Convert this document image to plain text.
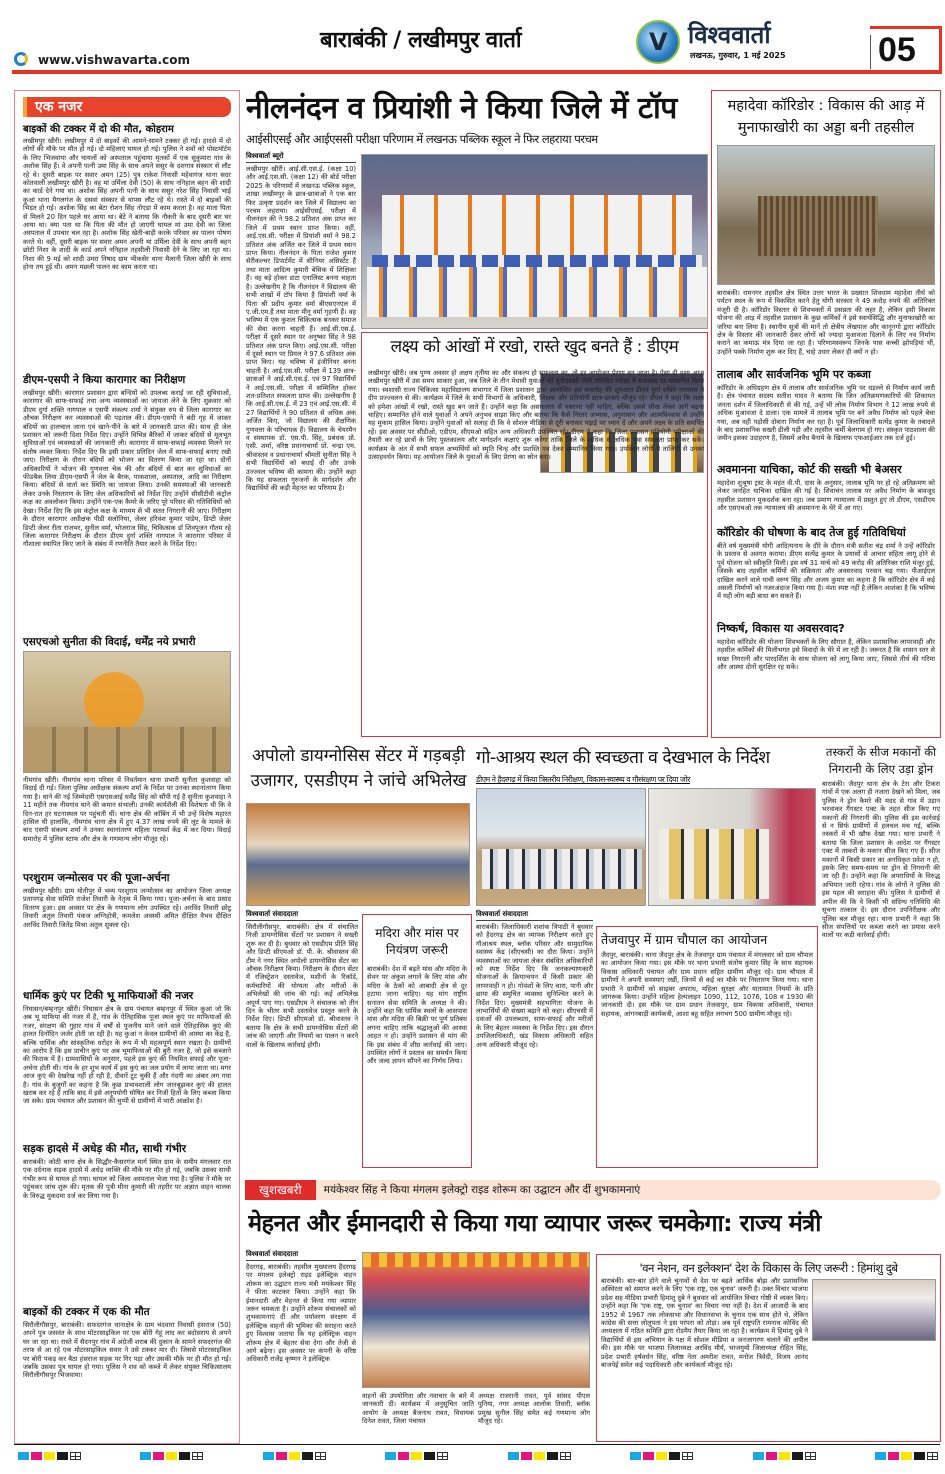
बाराबंकी / लखीमपुर वार्ता
www.vishwavarta.com
V विश्ववार्ता
लखनऊ, गुरुवार, 1 मई 2025	05
एक नजर
बाइकों की टक्कर में दो की मौत, कोहराम
लखीमपुर खीरी। लखीमपुर में दो बाइकों की आमने-सामने टक्कर हो गई। हादसे में दो लोगों की मौके पर मौत हो गई। दो महिलाएं घायल हो गई। पुलिस ने शवों को पोस्टमॉर्टम के लिए भिजवाया और घायलों को अस्पताल पहुंचाया मृतकों में एक सुकुमारा गांव के अशोक सिंह हैं। वे अपनी पत्नी उमा सिंह के साथ अपने ससुर के दशगात्र संस्कार से लौट रहे थे। दूसरी बाइक पर सवार अमन (25) पुत्र राकेश निवासी महेवागंज थाना सदर कोतवाली लखीमपुर खीरी है। वह मां उर्मिला देवी (50) के साथ ननिहाल बहन की शादी का कार्ड देने गया था। अशोक सिंह अपनी पत्नी के साथ ससुर नरेश सिंह निवासी भाई कुआं थाना मैगलगंज के दसवां संस्कार से वापस लौट रहे थे। रास्ते में दो बाइकों की भिड़ंत हो गई। अशोक सिंह का बेटा रोशन सिंह नोएडा में काम करता है। वह माता पिता से मिलने 20 दिन पहले घर आया था। बेटे ने बताया कि नौकरी के बाद दूसरी बार घर आया था। क्या पता था कि पिता की मौत हो जाएगी घायल मां उमा देवी का जिला अस्पताल में उपचार चल रहा है। अशोक सिंह खेती-बाड़ी करके परिवार का पालन पोषण करते थे। वहीं, दूसरी बाइक पर सवार अमन अपनी मां उर्मिला देवी के साथ अपनी बहन छोटी निशा के शादी के कार्ड अपने ननिहाल तहसीली निवासी देने के लिए जा रहा था। निशा की 9 मई को शादी उमरा निषाद ग्राम भीकसेर थाना मैलानी जिला खीरी के साथ होना तय हुई थी। अमन मछली पालन का काम करता था।
डीएम-एसपी ने किया कारागार का निरीक्षण
लखीमपुर खीरी। कारागार प्रशासन द्वारा बन्दियों को उपलब्ध कराई जा रही सुविधाओं, कारागार की साफ-सफाई तथा अन्य व्यवस्थाओं का जायजा लेने के लिए शुक्रवार को डीएम दुर्गा शक्ति नागपाल व एसपी संकल्प शर्मा ने संयुक्त रुप से जिला कारागार का औचक निरीक्षण कर व्यवस्थाओं की पड़ताल की। डीएम-एसपी ने बंदी गृह में जाकर बंदियों का हालचाल जाना एवं खाने-पीने के बारे में जानकारी प्राप्त की। साथ ही जेल प्रशासन को जरूरी दिशा निर्देश दिए। उन्होंने विभिन्न बैरिकों में जाकर बंदियों से मूलभूत सुविधाओं एवं व्यवस्थाओं की जानकारी ली। कारागार में साफ-सफाई व्यवस्था मिलने पर संतोष व्यक्त किया। निर्देश दिए कि इसी प्रकार प्रतिदिन जेल में साफ-सफाई बनाए रखी जाए। निरीक्षण के दौरान बंदियों को भोजन का वितरण किया जा रहा था। दोनों अधिकारियों ने भोजन की गुणवत्ता चेक की और बंदियों से बात कर सुविधाओं का फीडबैक लिया डीएम-एसपी ने जेल के बैरक, पाकशाला, अस्पताल, आदि का निरीक्षण किया। बंदियों से वार्ता कर स्थिति का जायजा लिया। उनकी समस्याओं की जानकारी लेकर उनके निस्तारण के लिए जेल अधिकारियों को निर्देश दिए उन्होंने सीसीटीवी कंट्रोल कक्ष का अवलोकन किया। उन्होंने एक-एक कैमरे के जरिए पूरे परिसर की गतिविधियों को देखा। निर्देश दिए कि इस कंट्रोल कक्ष के माध्यम से भी सतत निगरानी की जाए। निरीक्षण के दौरान कारागार अधीक्षक पीडी सलोनिया, जेलर हरिवंश कुमार पांडेय, डिप्टी जेलर डिप्टी जेलर रीता राजभर, सुनील वर्मा, भोजराज सिंह, चिकित्सक डॉ शिवपूजन गौतम रहे जिला कारागार निरीक्षण के दौरान डीएम दुर्गा शक्ति नागपाल ने कारागार परिसर में गौशाला स्थापित किए जाने के संबंध में रणनीति तैयार करने के निर्देश दिए।
एसएचओ सुनीता की विदाई, धर्मेंद्र नये प्रभारी
नीमगांव खीरी। नीमगांव थाना परिसर में निवर्तमान थाना प्रभारी सुनीता कुशवाहा को विदाई दी गई। जिला पुलिस अधीक्षक संकल्प शर्मा के निर्देश पर उनका स्थानांतरण किया गया है। थाने की नई जिम्मेदारी एसएसआई धर्मेंद्र सिंह को सौंपी गई है सुनीता कुशवाहा ने 11 महीने तक नीमगांव थाने की कमान संभाली। उनकी कार्यशैली की विशेषता थी कि वे दिन-रात हर घटनास्थल पर पहुंचती थीं। थाना क्षेत्र की कॉबिंग में भी उन्हें विशेष महारत हासिल थी हालांकि, नीमगांव थाना क्षेत्र में हुए 4.37 लाख रुपये की लूट के मामले के बाद एसपी संकल्प शर्मा ने उनका स्थानांतरण महिला परामर्श केंद्र में कर दिया। विदाई समारोह में पुलिस स्टाफ और क्षेत्र के गणमान्य लोग मौजूद रहे।
परशुराम जन्मोत्सव पर की पूजा-अर्चना
लखीमपुर खीरी। ग्राम मोतीपुर में भव्य परशुराम जन्मोत्सव का आयोजन जिला अध्यक्ष प्रतापगढ़ सेवा समिति राजेश तिवारी के नेतृत्व में किया गया। पूजा-अर्चना के बाद प्रसाद वितरण हुआ। इस अवसर पर क्षेत्र के गणमान्य लोग उपस्थित रहे। अरविंद तिवारी छोटू तिवारी अतुल तिवारी पंकज अग्निहोत्री, कमलेश अवस्थी अमित दीक्षित वैभव दीक्षित अरविंद तिवारी जितेंद्र मिश्रा अतुल शुक्ला रहे।
धार्मिक कुएं पर टिकी भू माफियाओं की नजर
निघासन/बम्हनपुर खीरी। निघासन क्षेत्र के ग्राम पंचायत बम्हनपुर में स्थित कुआं जो कि अब भू माफिया की नजर में है, गांव के ऐतिहासिक पूजा स्थल कुएं पर माफियाओं की नजर, संरक्षण की गुहार गांव में वर्षों से पूजनीय माने जाने वाले ऐतिहासिक कुएं की हालत दिनोंदिन जर्जर होती जा रही है। यह कुआं न केवल ग्रामीणों की आस्था का केंद्र है, बल्कि धार्मिक और सांस्कृतिक धरोहर के रूप में भी महत्वपूर्ण स्थान रखता है। ग्रामीणों का आरोप है कि इस प्राचीन कुएं पर अब भूमाफियाओं की बुरी नजर है, जो इसे कब्जाने की फिराक में है। ग्रामवासियों के अनुसार, पहले इस कुएं की नियमित सफाई और पूजा-अर्चना होती थी। गांव के हर शुभ कार्य में इस कुएं का जल प्रयोग में लाया जाता था। मगर आज कुएं की देखरेख नहीं हो रही है, दीवारें टूट चुकी हैं और गंदगी का अंबार लग गया है। गांव के बुजुर्गों का कहना है कि कुछ प्रभावशाली लोग जानबूझकर कुएं की हालत खराब कर रहे हैं ताकि बाद में इसे अनुपयोगी घोषित कर निजी हितों के लिए कब्जा किया जा सके। ग्राम पंचायत और प्रशासन की चुप्पी से ग्रामीणों में भारी आक्रोश है।
सड़क हादसे में अधेड़ की मौत, साथी गंभीर
बाराबंकी। कोठी थाना क्षेत्र के सिद्धौर-कैसरगंज मार्ग स्थित ग्राम के समीप मंगलवार रात एक दर्दनाक सड़क हादसे में अधेड़ व्यक्ति की मौके पर मौत हो गई, जबकि उसका साथी गंभीर रूप से घायल हो गया। घायल को जिला अस्पताल भेजा गया है। पुलिस ने मौके पर पहुंचकर जांच शुरू की। मृतक की पुत्री मीना कुमारी की तहरीर पर अज्ञात वाहन चालक के विरुद्ध मुकदमा दर्ज कर लिया गया है।
बाइकों की टक्कर में एक की मौत
सिरौलीगौसपुर, बाराबंकी। सफदरगंज थानाक्षेत्र के ग्राम चंदवारा निवासी हंसराज (50) अपने पुत्र जसवंत के साथ मोटरसाइकिल पर एक बोरी गेहूं लाद कर बदोसराय से अपने घर जा रहा था। रास्ते में सैदनपुर गांव में अंग्रेजी शराब की दुकान के सामने सफदरगंज की तरफ से आ रहे एक मोटरसाइकिल सवार ने उसे टक्कर मार दी। जिससे मोटरसाइकिल पर बोरी पकड़ कर बैठा हंसराज सड़क पर गिर पड़ा और उसकी मौके पर ही मौत हो गई। जबकि उसका पुत्र घायल हो गया। पुलिस ने शव को कब्जे में लेकर संयुक्त चिकित्सालय सिरौलीगौसपुर भिजवाया।
नीलनंदन व प्रियांशी ने किया जिले में टॉप
आईसीएसई और आईएससी परीक्षा परिणाम में लखनऊ पब्लिक स्कूल ने फिर लहराया परचम
विश्ववार्ता ब्यूरो
लखीमपुर खीरी। आई.सी.एस.ई. (कक्षा 10) और आई.एस.सी. (कक्षा 12) की बोर्ड परीक्षा 2025 के परिणामों में लखनऊ पब्लिक स्कूल, शाखा लखीमपुर के छात्र-छात्राओं ने एक बार फिर उत्कृष्ट प्रदर्शन कर जिले में विद्यालय का परचम लहराया। आईसीएसई. परीक्षा में नीलनंदन की ने 98.2 प्रतिशत अंक प्राप्त कर जिले में प्रथम स्थान प्राप्त किया। वहीं, आई.एस.सी. परीक्षा में प्रियांशी वर्मा ने 98.2 प्रतिशत अंक अर्जित कर जिले में प्रथम स्थान प्राप्त किया। नीलनंदन के पिता राजेश कुमार सेरीकल्चर डिपार्टमेंट में सीनियर असिस्टेंट हैं तथा माता आदित्य कुमारी बेसिक में शिक्षिका हैं। वह बड़े होकर डाटा एनालिस्ट बनना चाहता है। उल्लेखनीय है कि नीलनंदन ने विद्यालय की सभी शाखों में टॉप किया है प्रियांशी वर्मा के पिता श्री प्रदीप कुमार वर्मा बीएसएनएल में ए.जी.एम.हैं तथा माता मीनू वर्मा गृहणी हैं। वह भविष्य में एक कुशल चिकित्सक बनकर समाज की सेवा करना चाहती हैं। आई.सी.एस.ई. परीक्षा में दूसरे स्थान पर अनुष्का सिंह ने 98 प्रतिशत अंक प्राप्त किए। आई.एस.सी. परीक्षा में दूसरे स्थान पर प्रियल ने 97.6 प्रतिशत अंक प्राप्त किए। यह भविष्य में इंजीनियर बनना चाहती है। आई.एस.सी. परीक्षा में 139 छात्र-छात्राओं ने आई.सी.एस.ई. एवं 97 विद्यार्थियों ने आई.एस.सी. परीक्षा में सम्मिलित होकर शत-प्रतिशत सफलता प्राप्त की। उल्लेखनीय है कि आई.सी.एस.ई. में 23 एवं आई.एस.सी. में 27 विद्यार्थियों ने 90 प्रतिशत से अधिक अंक अर्जित किए, जो विद्यालय की शैक्षणिक गुणवत्ता के परिचायक हैं। विद्यालय के चेयरमैन व संस्थापक डॉ. एस.पी. सिंह, प्रबंधक प्रो. एसी. शर्मा, वरिष्ठ प्रधानाचार्या प्रो. चन्द्रा एम. श्रीवास्तव व प्रधानाचार्या श्रीमती सुनीता सिंह ने सभी विद्यार्थियों को बधाई दी और उनके उज्ज्वल भविष्य की कामना की। उन्होंने कहा कि यह सफलता गुरुजनों के मार्गदर्शन और विद्यार्थियों की कड़ी मेहनत का परिणाम है।
लक्ष्य को आंखों में रखो, रास्ते खुद बनते हैं : डीएम
लखीमपुर खीरी। जब पुण्य अवसर हो अक्षय तृतीया का और संकल्प हो सफलता का, तो हर आयोजन प्रेरणा बन जाता है। ऐसा ही दृश्य आज लखीमपुर खीरी में उस समय साकार हुआ, जब जिले के तीन मेधावी युवाओं को यूपीएससी जैसी प्रतिष्ठित परीक्षा में सफलता पर सम्मानित किया गया। स्वशासी राज्य चिकित्सा महाविद्यालय सभागार में जिला प्रशासन द्वारा आयोजित इस समारोह की शुरुआत डीएम दुर्गा शक्ति नागपाल ने दीप प्रज्ज्वलन से की। कार्यक्रम में जिले के सभी विभागों के अधिकारी, शिक्षक और प्रतियोगी छात्र-छात्राएं मौजूद रहे। डीएम ने कहा कि लक्ष्य को हमेशा आंखों में रखो, रास्ते खुद बन जाते हैं। उन्होंने कहा कि असफलता से घबराना नहीं चाहिए, बल्कि उससे सीख लेकर आगे बढ़ना चाहिए। सम्मानित होने वाले युवाओं ने अपने अनुभव साझा किए और बताया कि कैसे निरंतर अभ्यास, अनुशासन और आत्मविश्वास से उन्होंने यह मुकाम हासिल किया। उन्होंने युवाओं को सलाह दी कि वे सोशल मीडिया से दूरी बनाकर पढ़ाई पर ध्यान दें और अपने लक्ष्य के प्रति समर्पित रहें। इस अवसर पर सीडीओ, एडीएम, सीएमओ सहित अन्य अधिकारी उपस्थित रहे। डीएम ने कहा कि जिला प्रशासन प्रतियोगी परीक्षाओं की तैयारी कर रहे छात्रों के लिए पुस्तकालय और मार्गदर्शन कक्षाएं शुरू करेगा ताकि जिले के अधिक से अधिक युवा सफलता प्राप्त कर सकें। कार्यक्रम के अंत में सभी सफल अभ्यर्थियों को स्मृति चिन्ह और प्रशस्ति पत्र देकर सम्मानित किया गया। उपस्थित लोगों ने तालियों से उनका उत्साहवर्धन किया। यह आयोजन जिले के युवाओं के लिए प्रेरणा का स्रोत बना।
महादेवा कॉरिडोर : विकास की आड़ में मुनाफाखोरी का अड्डा बनी तहसील
बाराबंकी। रामनगर तहसील क्षेत्र स्थित उत्तर भारत के प्रख्यात शिवधाम महादेवा तीर्थ को पर्यटन स्थल के रूप में विकसित करने हेतु योगी सरकार ने 49 करोड़ रुपये की अतिरिक्त मंजूरी दी है। कॉरिडोर विस्तार से शिवभक्तों में प्रसन्नता की लहर है, लेकिन इसी विकास योजना की आड़ में तहसील प्रशासन के कुछ कर्मिकों ने इसे स्वार्थसिद्धि और मुनाफाखोरी का जरिया बना लिया है। स्थानीय सूत्रों की मानें तो क्षेत्रीय लेखपाल और कानूनगो द्वारा कॉरिडोर क्षेत्र के विस्तार की जानकारी देकर लोगों को ज्यादा मुआवजा दिलाने के लिए नव निर्माण कराने का कमाऊ मंत्र दिया जा रहा है। परिणामस्वरूप जिनके पास कच्ची झोपड़ियां थीं, उन्होंने पक्के निर्माण शुरू कर दिए हैं, चाहे उधार लेकर ही क्यों न हो।
तालाब और सार्वजनिक भूमि पर कब्जा
कॉरिडोर के अधिग्रहण क्षेत्र में तालाब और सार्वजनिक भूमि पर धड़ल्ले से निर्माण कार्य जारी है। क्षेत्र पंचायत सदस्य सतीश यादव ने बताया कि जिन अतिक्रमणकारियों की शिकायत जनता दर्शन में जिलाधिकारी से की गई, उन्हें भी लोक निर्माण विभाग ने 12 लाख रुपये से अधिक मुआवजा दे डाला। एक मामले में तालाब भूमि पर बने अवैध निर्माण को पहले बेचा गया, अब वही पड़ोसी दोबारा निर्माण कर रहा है। पूर्व जिलाधिकारी सत्येंद्र कुमार के तबादले के बाद प्रशासनिक सख्ती ढीली पड़ी और तहसील कर्मी बेलगाम हो गए। संस्कृत पाठशाला की जमीन इसका उदाहरण है, जिसमें अवैध बैनामे के खिलाफ एफआईआर तक दर्ज हुई।
अवमानना याचिका, कोर्ट की सख्ती भी बेअसर
महादेवा शुश्रूषा ट्रस्ट के महंत वी.पी. दास के अनुसार, तालाब भूमि पर हो रहे अतिक्रमण को लेकर जनहित याचिका दाखिल की गई है। शिवाचंन तालाब पर अवैध निर्माण के बावजूद तहसील प्रशासन मूकदर्शक बना रहा। जब प्रमाण न्यायालय में प्रस्तुत हुए तो डीएम, एसडीएम और एसएचओ तक न्यायालय की अवमानना के घेरे में आ गए।
कॉरिडोर की घोषणा के बाद तेज हुई गतिविधियां
बीते वर्ष मुख्यमंत्री योगी आदित्यनाथ के दौरे के दौरान मंत्री सतीश चंद्र शर्मा ने उन्हें कॉरिडोर के प्रस्ताव से अवगत कराया। डीएम सत्येंद्र कुमार के प्रयासों से आचार संहिता लागू होने से पूर्व योजना को स्वीकृति मिली। इस वर्ष 31 मार्च को 49 करोड़ की अतिरिक्त राशि मंजूर हुई, जिसके बाद तहसील कर्मियों की सक्रियता और अवसरवाद परवान चढ़ गया। पीआईएल दाखिल करने वाले याची वरुण सिंह और अजय कुमार का कहना है कि कॉरिडोर क्षेत्र में कई असली निर्माणों को नजरअंदाज किया गया है। मंशा स्पष्ट नहीं है लेकिन आशंका है कि भविष्य में यही लोग बड़ी बाधा बन सकते हैं।
निष्कर्ष, विकास या अवसरवाद?
महादेवा कॉरिडोर की योजना शिवभक्तों के लिए सौगात है, लेकिन प्रशासनिक लापरवाही और तहसील कर्मिकों की मिलीभगत इसे विवादों के घेरे में ला रही है। जरूरत है कि शासन स्तर से सख्त निगरानी और पारदर्शिता के साथ योजना को लागू किया जाए, जिससे तीर्थ की गरिमा और आस्था दोनों सुरक्षित रह सकें।
अपोलो डायग्नोसिस सेंटर में गड़बड़ी उजागर, एसडीएम ने जांचे अभिलेख
विश्ववार्ता संवाददाता
सिरौलीगौसपुर, बाराबंकी। क्षेत्र में संचालित निजी डायग्नोसिस सेंटरों पर प्रशासन ने सख्ती शुरू कर दी है। बुधवार को एसडीएम प्रीति सिंह और डिप्टी सीएमओ डॉ. पी. के. श्रीवास्तव की टीम ने नगर स्थित अपोलो डायग्नोसिस सेंटर का औचक निरीक्षण किया। निरीक्षण के दौरान सेंटर में रजिस्ट्रेशन दस्तावेज, मशीनों के रिकॉर्ड, कर्मचारियों की योग्यता और मरीजों के अभिलेखों की जांच की गई। कई अभिलेख अपूर्ण पाए गए। एसडीएम ने संचालक को तीन दिन के भीतर सभी दस्तावेज प्रस्तुत करने के निर्देश दिए। डिप्टी सीएमओ डॉ. श्रीवास्तव ने बताया कि क्षेत्र के सभी डायग्नोसिस सेंटरों की जांच की जाएगी और नियमों का पालन न करने वालों के खिलाफ कार्रवाई होगी।
मदिरा और मांस पर नियंत्रण जरूरी
बाराबंकी। देश में बढ़ते मांस और मदिरा के सेवन पर अंकुश लगाने के लिए मांस और मदिरा के ठेकों को आबादी क्षेत्र से दूर हटाया जाना चाहिए। यह मांग राष्ट्रीय सनातन सेवा समिति के अध्यक्ष ने की। उन्होंने कहा कि धार्मिक स्थलों के आसपास मांस और मदिरा की बिक्री पर पूर्ण प्रतिबंध लगना चाहिए ताकि श्रद्धालुओं की आस्था आहत न हो। उन्होंने प्रशासन से मांग की कि इस संबंध में शीघ्र कार्रवाई की जाए। उपस्थित लोगों ने प्रस्ताव का समर्थन किया और जल्द ज्ञापन सौंपने का निर्णय लिया।
गो-आश्रय स्थल की स्वच्छता व देखभाल के निर्देश
डीएम ने हैदरगढ़ में किया त्रिस्तरीय निरीक्षण, विकास-स्वास्थ्य व गौसंरक्षण पर दिया जोर
विश्ववार्ता संवाददाता
बाराबंकी। जिलाधिकारी शशांक त्रिपाठी ने बुधवार को हैदरगढ़ क्षेत्र का व्यापक निरीक्षण करते हुए गौआश्रय स्थल, ब्लॉक परिसर और सामुदायिक स्वास्थ्य केंद्र (सीएचसी) का दौरा किया। उन्होंने व्यवस्थाओं का जायजा लेकर संबंधित अधिकारियों को स्पष्ट निर्देश दिए कि जनकल्याणकारी योजनाओं के क्रियान्वयन में किसी प्रकार की लापरवाही न हो। गोवंशों के लिए चारा, पानी और छाया की समुचित व्यवस्था सुनिश्चित करने के निर्देश दिए। मुख्यमंत्री सहभागिता योजना के लाभार्थियों की संख्या बढ़ाने को कहा। सीएचसी में दवाओं की उपलब्धता, साफ-सफाई और मरीजों के लिए बेहतर व्यवस्था के निर्देश दिए। इस दौरान उपजिलाधिकारी, खंड विकास अधिकारी सहित अन्य अधिकारी मौजूद रहे।
तेजवापुर में ग्राम चौपाल का आयोजन
जैदपुर, बाराबंकी। थाना जैदपुर क्षेत्र के तेजवापुर ग्राम पंचायत में मंगलवार को ग्राम चौपाल का आयोजन किया गया। इस मौके पर थाना प्रभारी संतोष कुमार सिंह के साथ सहायक विकास अधिकारी पंचायत और ग्राम प्रधान सहित ग्रामीण मौजूद रहे। ग्राम चौपाल में ग्रामीणों ने अपनी समस्याएं रखीं, जिनमें से कई का मौके पर निस्तारण किया गया। थाना प्रभारी ने ग्रामीणों को साइबर अपराध, महिला सुरक्षा और यातायात नियमों के प्रति जागरूक किया। उन्होंने महिला हेल्पलाइन 1090, 112, 1076, 108 व 1930 की जानकारी दी। इस मौके पर ग्राम प्रधान तेजवापुर, ग्राम विकास अधिकारी, पंचायत सहायक, आंगनबाड़ी कार्यकत्री, आशा बहू सहित लगभग 500 ग्रामीण मौजूद रहे।
तस्करों के सीज मकानों की निगरानी के लिए उड़ा ड्रोन
बाराबंकी। जैदपुर थाना क्षेत्र के टेरा और टिकरा गांवों में एक अलग ही नजारा देखने को मिला, जब पुलिस ने ड्रोन कैमरे की मदद से गांव में उड़ान भरवाकर गैंगस्टर एक्ट के तहत सीज किए गए मकानों की निगरानी की। पुलिस की इस कार्रवाई से न सिर्फ ग्रामीणों में हलचल मच गई, बल्कि तस्करों में भी खौफ देखा गया। थाना प्रभारी ने बताया कि जिला प्रशासन के आदेश पर गैंगस्टर एक्ट में तस्करों के मकान सीज किए गए हैं। सीज मकानों में किसी प्रकार का अनधिकृत प्रवेश न हो, इसके लिए समय-समय पर ड्रोन से निगरानी की जा रही है। उन्होंने कहा कि अपराधियों के विरुद्ध अभियान जारी रहेगा। गांव के लोगों ने पुलिस की इस पहल की सराहना की। पुलिस ने ग्रामीणों से अपील की कि वे किसी भी संदिग्ध गतिविधि की सूचना तत्काल दें। इस दौरान उपनिरीक्षक और पुलिस बल मौजूद रहा। थाना प्रभारी ने कहा कि सीज संपत्तियों पर कब्जा करने का प्रयास करने वालों पर कड़ी कार्रवाई होगी।
खुशखबरी	मयंकेश्वर सिंह ने किया मंगलम इलेक्ट्रो राइड शोरूम का उद्घाटन और दीं शुभकामनाएं
मेहनत और ईमानदारी से किया गया व्यापार जरूर चमकेगा: राज्य मंत्री
विश्ववार्ता संवाददाता
हैदरगढ़, बाराबंकी। तहसील मुख्यालय हैदरगढ़ पर मंगलम इलेक्ट्रो राइड इलेक्ट्रिक वाहन शोरूम का उद्घाटन राज्य मंत्री मयंकेश्वर सिंह ने फीता काटकर किया। उन्होंने कहा कि ईमानदारी और मेहनत से किया गया व्यापार जरूर चमकता है। उन्होंने शोरूम संचालकों को शुभकामनाएं दीं और पर्यावरण संरक्षण में इलेक्ट्रिक वाहनों की भूमिका की सराहना करते हुए विश्वास जताया कि यह इलेक्ट्रिक वाहन शोरूम क्षेत्र में बेहतर सेवा देगा और तेजी से आगे बढ़ेगा। इस अवसर पर कंपनी के वरिष्ठ अधिकारी राजेंद्र कृष्णन ने इलेक्ट्रिक
वाहनों की उपयोगिता और नवाचार के बारे में जानकारी दी। कार्यक्रम में अनुसूचित जाति आयोग के अध्यक्ष बैजनाथ रावत, विधायक दिनेश रावत, जिला पंचायत
अध्यक्ष राजरानी रावत, पूर्व सांसद पीएल पुनिया, नगर अध्यक्ष आलोक तिवारी, ब्लॉक प्रमुख सुनील सिंह समेत कई गणमान्य लोग मौजूद रहे।
'वन नेशन, वन इलेक्शन' देश के विकास के लिए जरूरी : हिमांशु दुबे
बाराबंकी। बार-बार होने वाले चुनावों से देश पर बढ़ते आर्थिक बोझ और प्रशासनिक अस्थिरता को समाप्त करने के लिए 'एक राष्ट्र, एक चुनाव' जरूरी है। उक्त विचार भाजपा प्रदेश सह मीडिया प्रभारी हिमांशु दुबे ने बुधवार को आयोजित विचार गोष्ठी में व्यक्त किए। उन्होंने कहा कि 'एक राष्ट्र, एक चुनाव' का विचार नया नहीं है। देश में आजादी के बाद 1952 से 1967 तक लोकसभा और विधानसभा के चुनाव एक साथ होते थे, लेकिन कांग्रेस की सत्ता लोलुपता ने इस परंपरा को तोड़ा। अब पूर्व राष्ट्रपति रामनाथ कोविंद की अध्यक्षता में गठित समिति द्वारा रोडमैप तैयार किया जा रहा है। कार्यक्रम में हिमांशु दुबे ने विद्यार्थियों से इस अभियान के पक्ष में सोशल मीडिया व जनजागरण चलाने की अपील की। इस मौके पर भाजपा जिलाध्यक्ष अरविंद मौर्य, भाजयुमो जिलाध्यक्ष रोहित सिंह, प्रदेश प्रभारी हर्षवर्धन सिंह, वरिष्ठ नेता अमरीश रावत, मनोज त्रिवेदी, विजय आनंद बाजपेई समेत कई पदाधिकारी और कार्यकर्ता मौजूद रहे।
